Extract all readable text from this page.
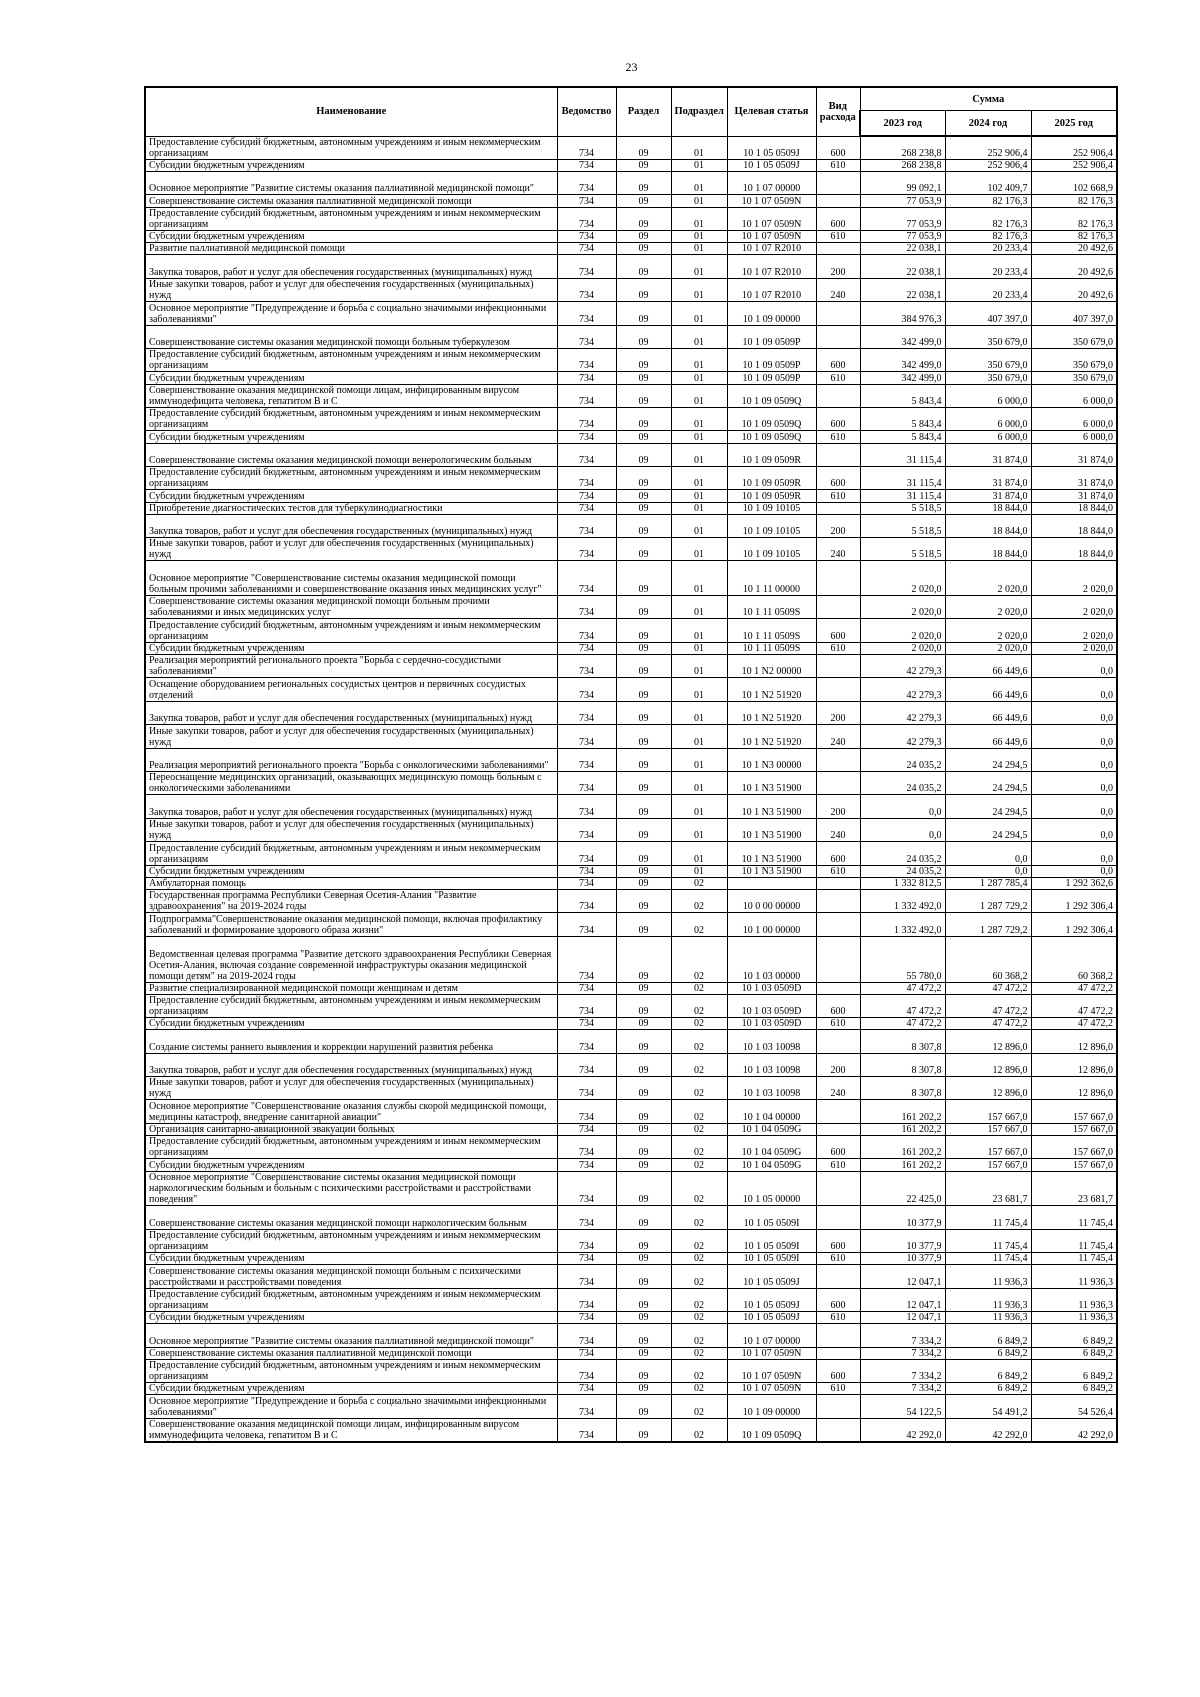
23
Наименование	Ведомство	Раздел	Подраздел	Целевая статья	Вид расхода	Сумма		
						2023 год	2024 год	2025 год
Предоставление субсидий бюджетным, автономным учреждениям и иным некоммерческим организациям	734	09	01	10 1 05 0509J	600	268 238,8	252 906,4	252 906,4
Субсидии бюджетным учреждениям	734	09	01	10 1 05 0509J	610	268 238,8	252 906,4	252 906,4
Основное мероприятие "Развитие системы оказания паллиативной медицинской помощи"	734	09	01	10 1 07 00000		99 092,1	102 409,7	102 668,9
Совершенствование системы оказания паллиативной медицинской помощи	734	09	01	10 1 07 0509N		77 053,9	82 176,3	82 176,3
Предоставление субсидий бюджетным, автономным учреждениям и иным некоммерческим организациям	734	09	01	10 1 07 0509N	600	77 053,9	82 176,3	82 176,3
Субсидии бюджетным учреждениям	734	09	01	10 1 07 0509N	610	77 053,9	82 176,3	82 176,3
Развитие паллиативной медицинской помощи	734	09	01	10 1 07 R2010		22 038,1	20 233,4	20 492,6
Закупка товаров, работ и услуг для обеспечения государственных (муниципальных) нужд	734	09	01	10 1 07 R2010	200	22 038,1	20 233,4	20 492,6
Иные закупки товаров, работ и услуг для обеспечения государственных (муниципальных) нужд	734	09	01	10 1 07 R2010	240	22 038,1	20 233,4	20 492,6
Основное мероприятие "Предупреждение и борьба с социально значимыми инфекционными заболеваниями"	734	09	01	10 1 09 00000		384 976,3	407 397,0	407 397,0
Совершенствование системы оказания медицинской помощи больным туберкулезом	734	09	01	10 1 09 0509P		342 499,0	350 679,0	350 679,0
Предоставление субсидий бюджетным, автономным учреждениям и иным некоммерческим организациям	734	09	01	10 1 09 0509P	600	342 499,0	350 679,0	350 679,0
Субсидии бюджетным учреждениям	734	09	01	10 1 09 0509P	610	342 499,0	350 679,0	350 679,0
Совершенствование оказания медицинской помощи лицам, инфицированным вирусом иммунодефицита человека, гепатитом B и C	734	09	01	10 1 09 0509Q		5 843,4	6 000,0	6 000,0
Предоставление субсидий бюджетным, автономным учреждениям и иным некоммерческим организациям	734	09	01	10 1 09 0509Q	600	5 843,4	6 000,0	6 000,0
Субсидии бюджетным учреждениям	734	09	01	10 1 09 0509Q	610	5 843,4	6 000,0	6 000,0
Совершенствование системы оказания медицинской помощи венерологическим больным	734	09	01	10 1 09 0509R		31 115,4	31 874,0	31 874,0
Предоставление субсидий бюджетным, автономным учреждениям и иным некоммерческим организациям	734	09	01	10 1 09 0509R	600	31 115,4	31 874,0	31 874,0
Субсидии бюджетным учреждениям	734	09	01	10 1 09 0509R	610	31 115,4	31 874,0	31 874,0
Приобретение диагностических тестов для туберкулинодиагностики	734	09	01	10 1 09 10105		5 518,5	18 844,0	18 844,0
Закупка товаров, работ и услуг для обеспечения государственных (муниципальных) нужд	734	09	01	10 1 09 10105	200	5 518,5	18 844,0	18 844,0
Иные закупки товаров, работ и услуг для обеспечения государственных (муниципальных) нужд	734	09	01	10 1 09 10105	240	5 518,5	18 844,0	18 844,0
Основное мероприятие "Совершенствование системы оказания медицинской помощи больным прочими заболеваниями и совершенствование оказания иных медицинских услуг"	734	09	01	10 1 11 00000		2 020,0	2 020,0	2 020,0
Совершенствование системы оказания медицинской помощи больным прочими заболеваниями и иных медицинских услуг	734	09	01	10 1 11 0509S		2 020,0	2 020,0	2 020,0
Предоставление субсидий бюджетным, автономным учреждениям и иным некоммерческим организациям	734	09	01	10 1 11 0509S	600	2 020,0	2 020,0	2 020,0
Субсидии бюджетным учреждениям	734	09	01	10 1 11 0509S	610	2 020,0	2 020,0	2 020,0
Реализация мероприятий регионального проекта "Борьба с сердечно-сосудистыми заболеваниями"	734	09	01	10 1 N2 00000		42 279,3	66 449,6	0,0
Оснащение оборудованием региональных сосудистых центров и первичных сосудистых отделений	734	09	01	10 1 N2 51920		42 279,3	66 449,6	0,0
Закупка товаров, работ и услуг для обеспечения государственных (муниципальных) нужд	734	09	01	10 1 N2 51920	200	42 279,3	66 449,6	0,0
Иные закупки товаров, работ и услуг для обеспечения государственных (муниципальных) нужд	734	09	01	10 1 N2 51920	240	42 279,3	66 449,6	0,0
Реализация мероприятий регионального проекта "Борьба с онкологическими заболеваниями"	734	09	01	10 1 N3 00000		24 035,2	24 294,5	0,0
Переоснащение медицинских организаций, оказывающих медицинскую помощь больным с онкологическими заболеваниями	734	09	01	10 1 N3 51900		24 035,2	24 294,5	0,0
Закупка товаров, работ и услуг для обеспечения государственных (муниципальных) нужд	734	09	01	10 1 N3 51900	200	0,0	24 294,5	0,0
Иные закупки товаров, работ и услуг для обеспечения государственных (муниципальных) нужд	734	09	01	10 1 N3 51900	240	0,0	24 294,5	0,0
Предоставление субсидий бюджетным, автономным учреждениям и иным некоммерческим организациям	734	09	01	10 1 N3 51900	600	24 035,2	0,0	0,0
Субсидии бюджетным учреждениям	734	09	01	10 1 N3 51900	610	24 035,2	0,0	0,0
Амбулаторная помощь	734	09	02			1 332 812,5	1 287 785,4	1 292 362,6
Государственная программа Республики Северная Осетия-Алания "Развитие здравоохранения" на 2019-2024 годы	734	09	02	10 0 00 00000		1 332 492,0	1 287 729,2	1 292 306,4
Подпрограмма"Совершенствование оказания медицинской помощи, включая профилактику заболеваний и формирование здорового образа жизни"	734	09	02	10 1 00 00000		1 332 492,0	1 287 729,2	1 292 306,4
Ведомственная целевая программа "Развитие детского здравоохранения Республики Северная Осетия-Алания, включая создание современной инфраструктуры оказания медицинской помощи детям" на 2019-2024 годы	734	09	02	10 1 03 00000		55 780,0	60 368,2	60 368,2
Развитие специализированной медицинской помощи женщинам и детям	734	09	02	10 1 03 0509D		47 472,2	47 472,2	47 472,2
Предоставление субсидий бюджетным, автономным учреждениям и иным некоммерческим организациям	734	09	02	10 1 03 0509D	600	47 472,2	47 472,2	47 472,2
Субсидии бюджетным учреждениям	734	09	02	10 1 03 0509D	610	47 472,2	47 472,2	47 472,2
Создание системы раннего выявления и коррекции нарушений развития ребенка	734	09	02	10 1 03 10098		8 307,8	12 896,0	12 896,0
Закупка товаров, работ и услуг для обеспечения государственных (муниципальных) нужд	734	09	02	10 1 03 10098	200	8 307,8	12 896,0	12 896,0
Иные закупки товаров, работ и услуг для обеспечения государственных (муниципальных) нужд	734	09	02	10 1 03 10098	240	8 307,8	12 896,0	12 896,0
Основное мероприятие "Совершенствование оказания службы скорой медицинской помощи, медицины катастроф, внедрение санитарной авиации"	734	09	02	10 1 04 00000		161 202,2	157 667,0	157 667,0
Организация санитарно-авиационной эвакуации больных	734	09	02	10 1 04 0509G		161 202,2	157 667,0	157 667,0
Предоставление субсидий бюджетным, автономным учреждениям и иным некоммерческим организациям	734	09	02	10 1 04 0509G	600	161 202,2	157 667,0	157 667,0
Субсидии бюджетным учреждениям	734	09	02	10 1 04 0509G	610	161 202,2	157 667,0	157 667,0
Основное мероприятие "Совершенствование системы оказания медицинской помощи наркологическим больным и больным с психическими расстройствами и расстройствами поведения"	734	09	02	10 1 05 00000		22 425,0	23 681,7	23 681,7
Совершенствование системы оказания медицинской помощи наркологическим больным	734	09	02	10 1 05 0509I		10 377,9	11 745,4	11 745,4
Предоставление субсидий бюджетным, автономным учреждениям и иным некоммерческим организациям	734	09	02	10 1 05 0509I	600	10 377,9	11 745,4	11 745,4
Субсидии бюджетным учреждениям	734	09	02	10 1 05 0509I	610	10 377,9	11 745,4	11 745,4
Совершенствование системы оказания медицинской помощи больным с психическими расстройствами и расстройствами поведения	734	09	02	10 1 05 0509J		12 047,1	11 936,3	11 936,3
Предоставление субсидий бюджетным, автономным учреждениям и иным некоммерческим организациям	734	09	02	10 1 05 0509J	600	12 047,1	11 936,3	11 936,3
Субсидии бюджетным учреждениям	734	09	02	10 1 05 0509J	610	12 047,1	11 936,3	11 936,3
Основное мероприятие "Развитие системы оказания паллиативной медицинской помощи"	734	09	02	10 1 07 00000		7 334,2	6 849,2	6 849,2
Совершенствование системы оказания паллиативной медицинской помощи	734	09	02	10 1 07 0509N		7 334,2	6 849,2	6 849,2
Предоставление субсидий бюджетным, автономным учреждениям и иным некоммерческим организациям	734	09	02	10 1 07 0509N	600	7 334,2	6 849,2	6 849,2
Субсидии бюджетным учреждениям	734	09	02	10 1 07 0509N	610	7 334,2	6 849,2	6 849,2
Основное мероприятие "Предупреждение и борьба с социально значимыми инфекционными заболеваниями"	734	09	02	10 1 09 00000		54 122,5	54 491,2	54 526,4
Совершенствование оказания медицинской помощи лицам, инфицированным вирусом иммунодефицита человека, гепатитом B и C	734	09	02	10 1 09 0509Q		42 292,0	42 292,0	42 292,0
